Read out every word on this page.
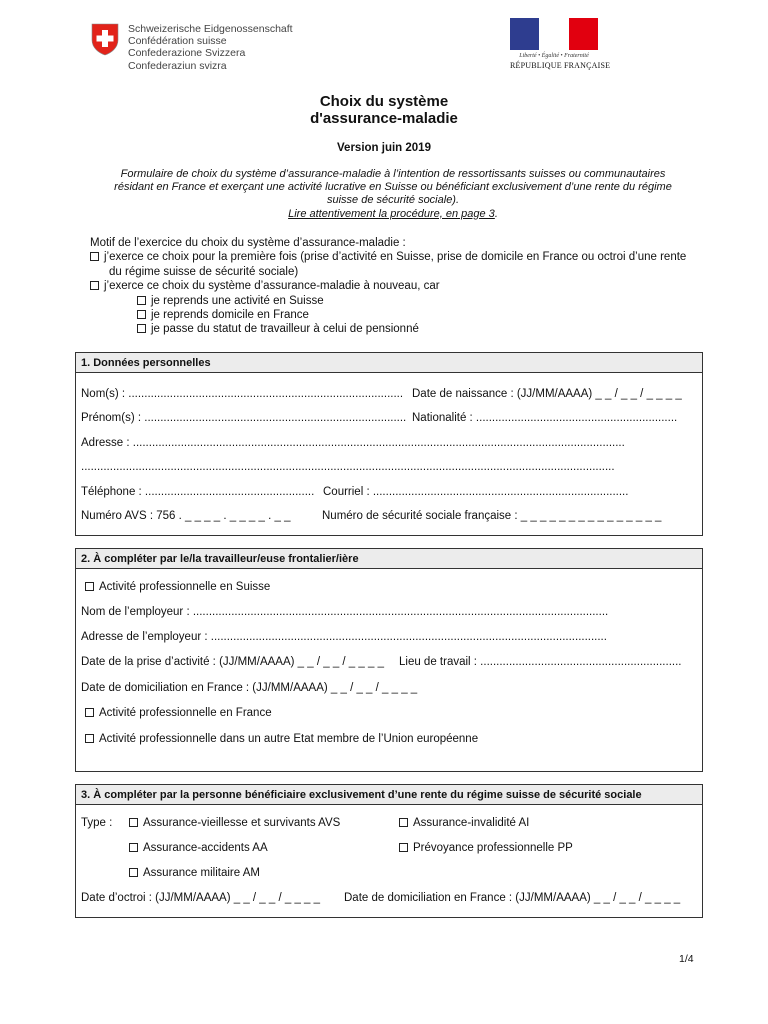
Schweizerische Eidgenossenschaft
Confédération suisse
Confederazione Svizzera
Confederaziun svizra
Liberté • Égalité • Fraternité
RÉPUBLIQUE FRANÇAISE
Choix du système
d'assurance-maladie
Version juin 2019
Formulaire de choix du système d’assurance-maladie à l’intention de ressortissants suisses ou communautaires
résidant en France et exerçant une activité lucrative en Suisse ou bénéficiant exclusivement d’une rente du régime
suisse de sécurité sociale).
Lire attentivement la procédure, en page 3.
Motif de l’exercice du choix du système d’assurance-maladie :
j’exerce ce choix pour la première fois (prise d’activité en Suisse, prise de domicile en France ou octroi d’une rente
du régime suisse de sécurité sociale)
j’exerce ce choix du système d’assurance-maladie à nouveau, car
je reprends une activité en Suisse
je reprends domicile en France
je passe du statut de travailleur à celui de pensionné
1. Données personnelles
Nom(s) : ...................................................................................... Date de naissance : (JJ/MM/AAAA) _ _ / _ _ / _ _ _ _
Prénom(s) : .................................................................................. Nationalité : ...............................................................
Adresse : ..........................................................................................................................................................
.......................................................................................................................................................................
Téléphone : ..................................................... Courriel : ................................................................................
Numéro AVS : 756 . _ _ _ _ . _ _ _ _ . _ _	Numéro de sécurité sociale française : _ _ _ _ _ _ _ _ _ _ _ _ _ _ _
2. À compléter par le/la travailleur/euse frontalier/ière
Activité professionnelle en Suisse
Nom de l’employeur : ..................................................................................................................................
Adresse de l’employeur : ............................................................................................................................
Date de la prise d’activité : (JJ/MM/AAAA) _ _ / _ _ / _ _ _ _ Lieu de travail : ...............................................................
Date de domiciliation en France : (JJ/MM/AAAA) _ _ / _ _ / _ _ _ _
Activité professionnelle en France
Activité professionnelle dans un autre Etat membre de l’Union européenne
3. À compléter par la personne bénéficiaire exclusivement d’une rente du régime suisse de sécurité sociale
Type :	Assurance-vieillesse et survivants AVS	Assurance-invalidité AI
Assurance-accidents AA	Prévoyance professionnelle PP
Assurance militaire AM
Date d’octroi : (JJ/MM/AAAA) _ _ / _ _ / _ _ _ _ Date de domiciliation en France : (JJ/MM/AAAA) _ _ / _ _ / _ _ _ _
1/4
